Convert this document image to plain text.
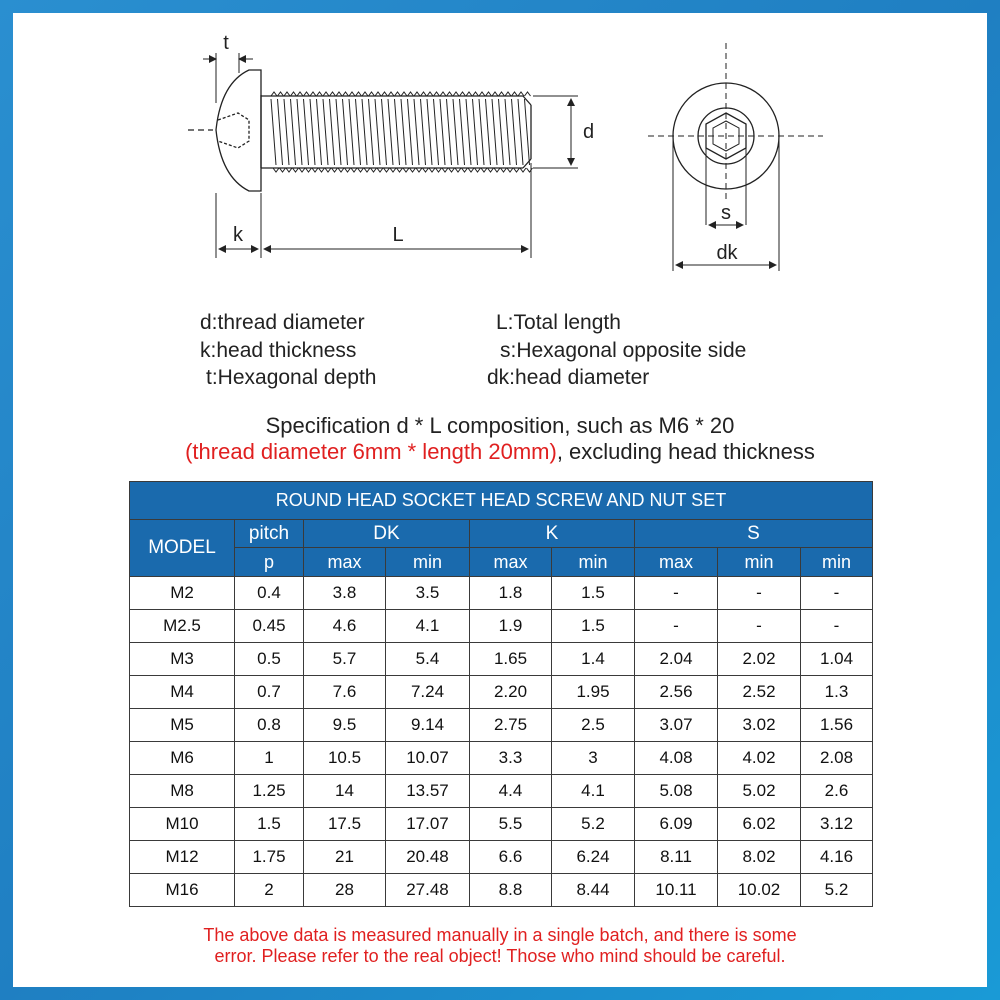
t
k	L
d
s
dk
d:thread diameter	L:Total length
k:head thickness	s:Hexagonal opposite side
t:Hexagonal depth	dk:head diameter
Specification d * L composition, such as M6 * 20
(thread diameter 6mm * length 20mm), excluding head thickness
ROUND HEAD SOCKET HEAD SCREW AND NUT SET									
MODEL	pitch	DK		K		S			T
	p	max	min	max	min	max	min	min	
M2	0.4	3.8	3.5	1.8	1.5	-	-	-	
M2.5	0.45	4.6	4.1	1.9	1.5	-	-	-	
M3	0.5	5.7	5.4	1.65	1.4	2.04	2.02	1.04	
M4	0.7	7.6	7.24	2.20	1.95	2.56	2.52	1.3	
M5	0.8	9.5	9.14	2.75	2.5	3.07	3.02	1.56	
M6	1	10.5	10.07	3.3	3	4.08	4.02	2.08	
M8	1.25	14	13.57	4.4	4.1	5.08	5.02	2.6	
M10	1.5	17.5	17.07	5.5	5.2	6.09	6.02	3.12	
M12	1.75	21	20.48	6.6	6.24	8.11	8.02	4.16	
M16	2	28	27.48	8.8	8.44	10.11	10.02	5.2	
The above data is measured manually in a single batch, and there is some
error. Please refer to the real object! Those who mind should be careful.
